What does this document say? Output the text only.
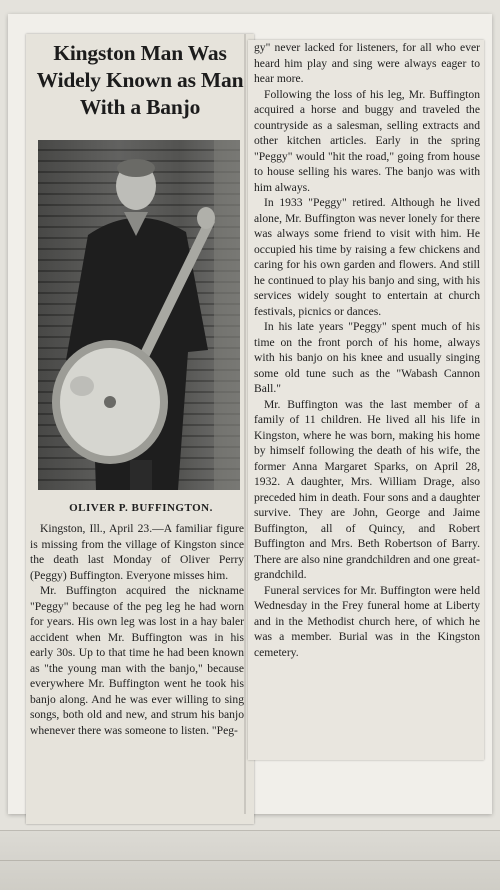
Kingston Man Was Widely Known as Man With a Banjo
OLIVER P. BUFFINGTON.

Kingston, Ill., April 23.—A familiar figure is missing from the village of Kingston since the death last Monday of Oliver Perry (Peggy) Buffington. Everyone misses him.

Mr. Buffington acquired the nickname "Peggy" because of the peg leg he had worn for years. His own leg was lost in a hay baler accident when Mr. Buffington was in his early 30s. Up to that time he had been known as "the young man with the banjo," because everywhere Mr. Buffington went he took his banjo along. And he was ever willing to sing songs, both old and new, and strum his banjo whenever there was someone to listen. "Peg-

gy" never lacked for listeners, for all who ever heard him play and sing were always eager to hear more.

Following the loss of his leg, Mr. Buffington acquired a horse and buggy and traveled the countryside as a salesman, selling extracts and other kitchen articles. Early in the spring "Peggy" would "hit the road," going from house to house selling his wares. The banjo was with him always.

In 1933 "Peggy" retired. Although he lived alone, Mr. Buffington was never lonely for there was always some friend to visit with him. He occupied his time by raising a few chickens and caring for his own garden and flowers. And still he continued to play his banjo and sing, with his services widely sought to entertain at church festivals, picnics or dances.

In his late years "Peggy" spent much of his time on the front porch of his home, always with his banjo on his knee and usually singing some old tune such as the "Wabash Cannon Ball."

Mr. Buffington was the last member of a family of 11 children. He lived all his life in Kingston, where he was born, making his home by himself following the death of his wife, the former Anna Margaret Sparks, on April 28, 1932. A daughter, Mrs. William Drage, also preceded him in death. Four sons and a daughter survive. They are John, George and Jaime Buffington, all of Quincy, and Robert Buffington and Mrs. Beth Robertson of Barry. There are also nine grandchildren and one great-grandchild.

Funeral services for Mr. Buffington were held Wednesday in the Frey funeral home at Liberty and in the Methodist church here, of which he was a member. Burial was in the Kingston cemetery.
